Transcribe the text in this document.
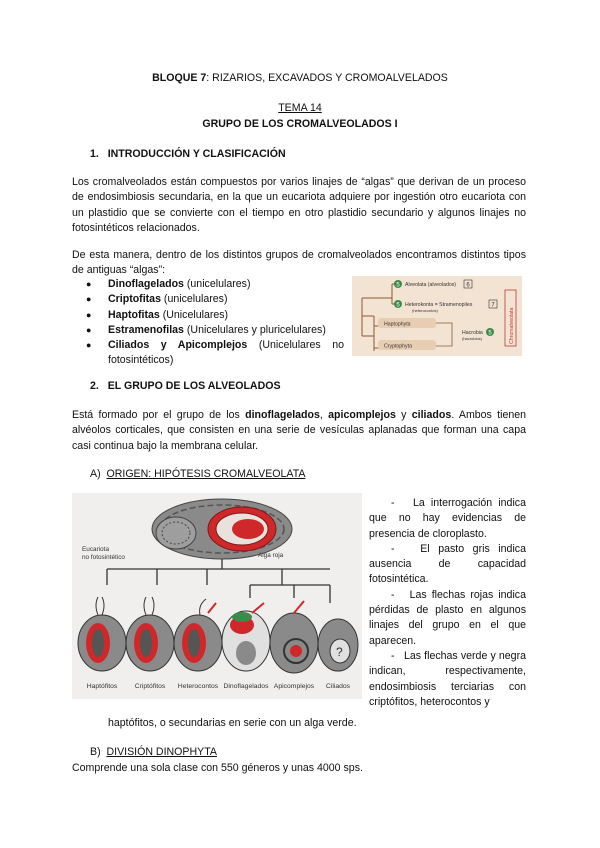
BLOQUE 7: RIZARIOS, EXCAVADOS Y CROMOALVELADOS
TEMA 14
GRUPO DE LOS CROMALVEOLADOS I
1. INTRODUCCIÓN Y CLASIFICACIÓN
Los cromalveolados están compuestos por varios linajes de “algas” que derivan de un proceso de endosimbiosis secundaria, en la que un eucariota adquiere por ingestión otro eucariota con un plastidio que se convierte con el tiempo en otro plastidio secundario y algunos linajes no fotosintéticos relacionados.
De esta manera, dentro de los distintos grupos de cromalveolados encontramos distintos tipos de antiguas “algas”:
● Dinoflagelados (unicelulares)
● Criptofitas (unicelulares)
● Haptofitas (Unicelulares)
● Estramenofilas (Unicelulares y pluricelulares)
● Ciliados y Apicomplejos (Unicelulares no fotosintéticos)
5 Alveolata (alveolados) 6
5 Heterokonta = Stramenopiles
(heterocontos)
7
Haptophyta
Cryptophyta
Hacrobia
(hacrobios)
5	Chromalveolata
2. EL GRUPO DE LOS ALVEOLADOS
Está formado por el grupo de los dinoflagelados, apicomplejos y ciliados. Ambos tienen alvéolos corticales, que consisten en una serie de vesículas aplanadas que forman una capa casi continua bajo la membrana celular.
A) ORIGEN: HIPÓTESIS CROMALVEOLATA
Eucariota
no fotosintético	Alga roja
?
Haptófitos	Criptófitos Heterocontos Dinoflagelados Apicomplejos Ciliados
- La interrogación indica que no hay evidencias de presencia de cloroplasto.
- El pasto gris indica ausencia de capacidad fotosintética.
- Las flechas rojas indica pérdidas de plasto en algunos linajes del grupo en el que aparecen.
- Las flechas verde y negra indican, respectivamente, endosimbiosis terciarias con criptófitos, heterocontos y
haptófitos, o secundarias en serie con un alga verde.
B) DIVISIÓN DINOPHYTA
Comprende una sola clase con 550 géneros y unas 4000 sps.
